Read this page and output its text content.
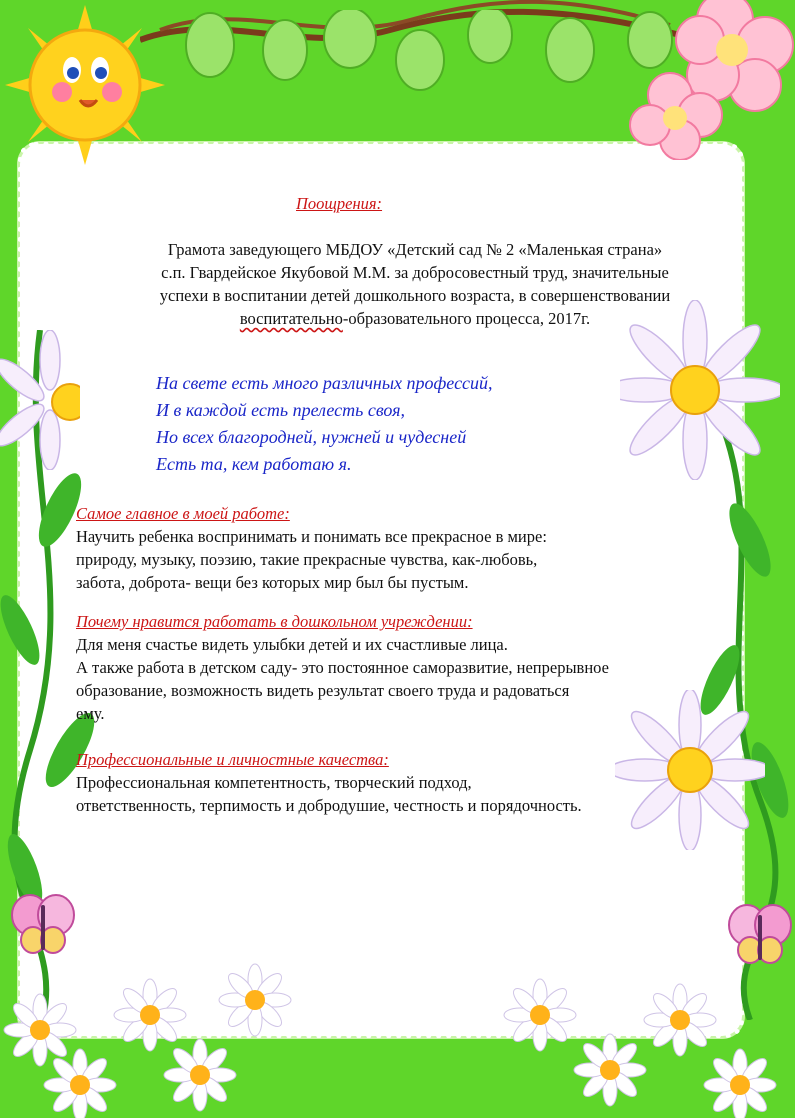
Поощрения:
Грамота заведующего МБДОУ «Детский сад № 2 «Маленькая страна»
с.п. Гвардейское Якубовой М.М. за добросовестный труд, значительные
успехи в воспитании детей дошкольного возраста, в совершенствовании
воспитательно-образовательного процесса, 2017г.
На свете есть много различных профессий,
И в каждой есть прелесть своя,
Но всех благородней, нужней и чудесней
Есть та, кем работаю я.
Самое главное в моей работе:
Научить ребенка воспринимать и понимать все прекрасное в мире:
природу, музыку, поэзию, такие прекрасные чувства, как-любовь,
забота, доброта- вещи без которых мир был бы пустым.
Почему нравится работать в дошкольном учреждении:
Для меня счастье видеть улыбки детей и их счастливые лица.
А также работа в детском саду- это постоянное саморазвитие, непрерывное
образование, возможность видеть результат своего труда и радоваться
ему.
Профессиональные и личностные качества:
Профессиональная компетентность, творческий подход,
ответственность, терпимость и добродушие, честность и порядочность.
